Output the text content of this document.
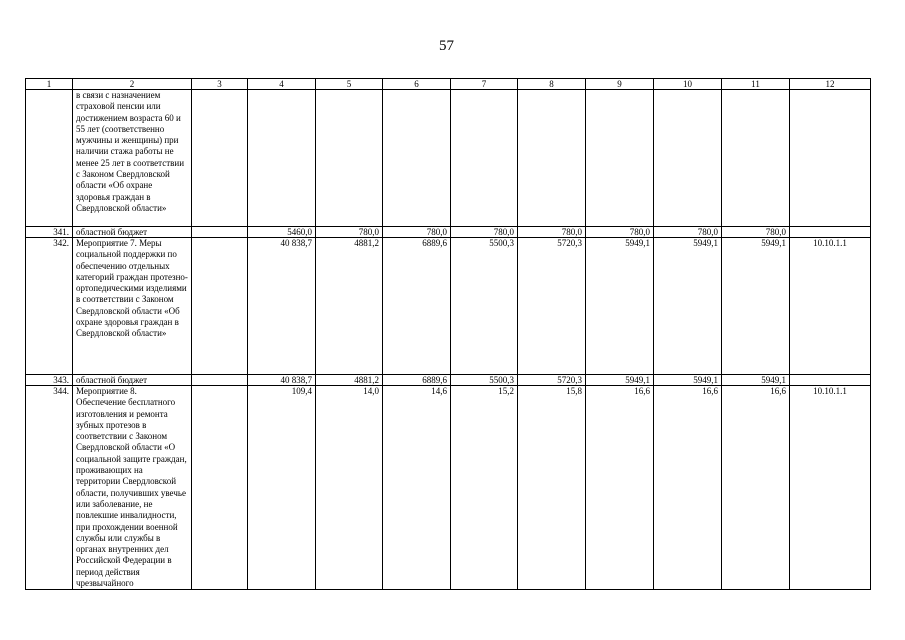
57
1	2	3	4	5	6	7	8	9	10	11	12
	в связи с назначением страховой пенсии или достижением возраста 60 и 55 лет (соответственно мужчины и женщины) при наличии стажа работы не менее 25 лет в соответствии с Законом Свердловской области «Об охране здоровья граждан в Свердловской области»										
341.	областной бюджет		5460,0	780,0	780,0	780,0	780,0	780,0	780,0	780,0	
342.	Мероприятие 7. Меры социальной поддержки по обеспечению отдельных категорий граждан протезно- ортопедическими изделиями в соответствии с Законом Свердловской области «Об охране здоровья граждан в Свердловской области»		40 838,7	4881,2	6889,6	5500,3	5720,3	5949,1	5949,1	5949,1	10.10.1.1
343.	областной бюджет		40 838,7	4881,2	6889,6	5500,3	5720,3	5949,1	5949,1	5949,1	
344.	Мероприятие 8. Обеспечение бесплатного изготовления и ремонта зубных протезов в соответствии с Законом Свердловской области «О социальной защите граждан, проживающих на территории Свердловской области, получивших увечье или заболевание, не повлекшие инвалидности, при прохождении военной службы или службы в органах внутренних дел Российской Федерации в период действия чрезвычайного		109,4	14,0	14,6	15,2	15,8	16,6	16,6	16,6	10.10.1.1
